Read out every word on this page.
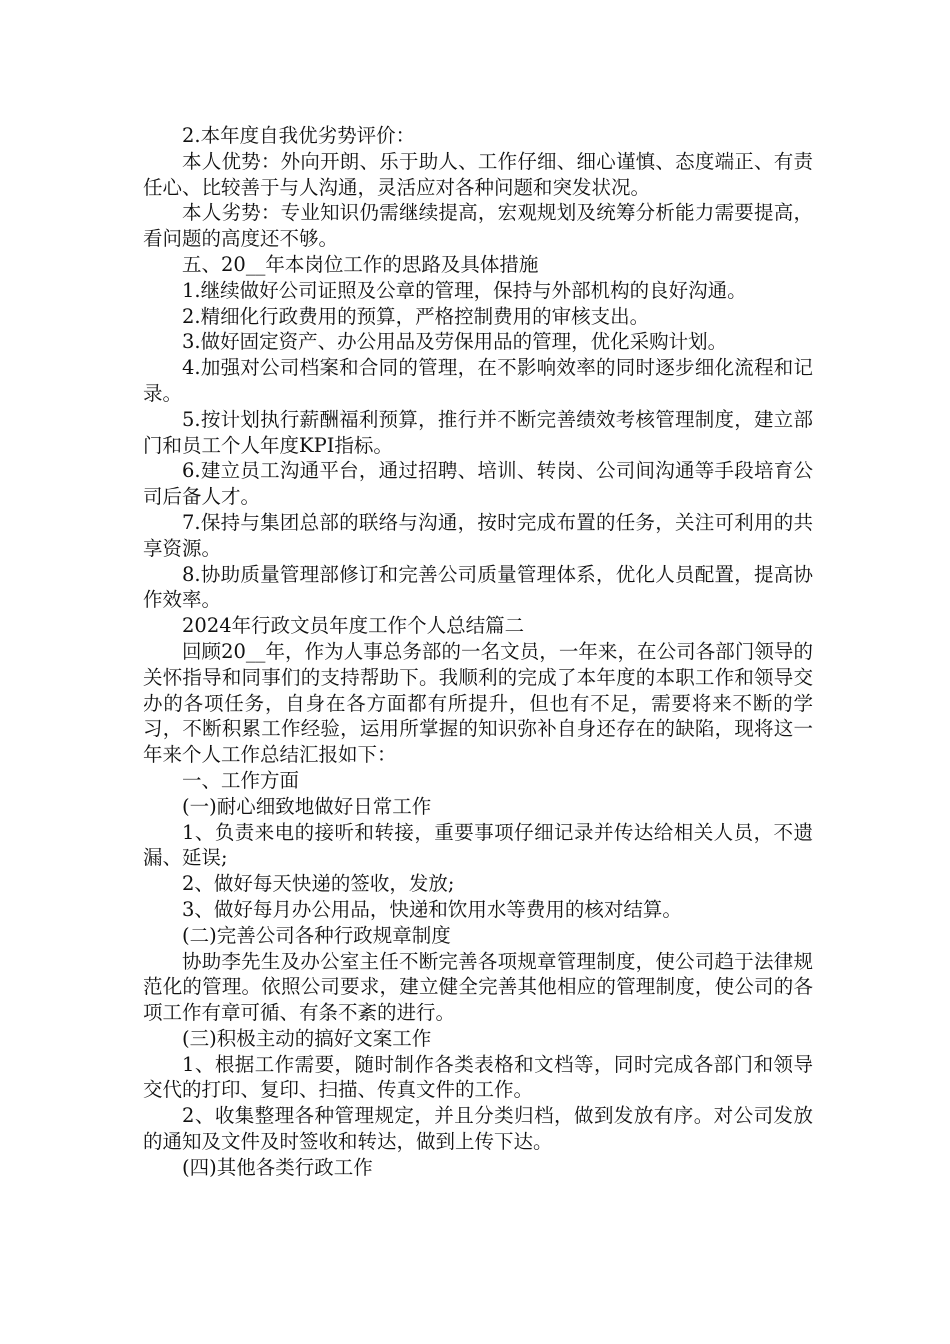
2.本年度自我优劣势评价：

本人优势：外向开朗、乐于助人、工作仔细、细心谨慎、态度端正、有责任心、比较善于与人沟通，灵活应对各种问题和突发状况。

本人劣势：专业知识仍需继续提高，宏观规划及统筹分析能力需要提高，看问题的高度还不够。

五、20__年本岗位工作的思路及具体措施

1.继续做好公司证照及公章的管理，保持与外部机构的良好沟通。

2.精细化行政费用的预算，严格控制费用的审核支出。

3.做好固定资产、办公用品及劳保用品的管理，优化采购计划。

4.加强对公司档案和合同的管理，在不影响效率的同时逐步细化流程和记录。

5.按计划执行薪酬福利预算，推行并不断完善绩效考核管理制度，建立部门和员工个人年度KPI指标。

6.建立员工沟通平台，通过招聘、培训、转岗、公司间沟通等手段培育公司后备人才。

7.保持与集团总部的联络与沟通，按时完成布置的任务，关注可利用的共享资源。

8.协助质量管理部修订和完善公司质量管理体系，优化人员配置，提高协作效率。

2024年行政文员年度工作个人总结篇二

回顾20__年，作为人事总务部的一名文员，一年来，在公司各部门领导的关怀指导和同事们的支持帮助下。我顺利的完成了本年度的本职工作和领导交办的各项任务，自身在各方面都有所提升，但也有不足，需要将来不断的学习，不断积累工作经验，运用所掌握的知识弥补自身还存在的缺陷，现将这一年来个人工作总结汇报如下：

一、工作方面

(一)耐心细致地做好日常工作

1、负责来电的接听和转接，重要事项仔细记录并传达给相关人员，不遗漏、延误;

2、做好每天快递的签收，发放;

3、做好每月办公用品，快递和饮用水等费用的核对结算。

(二)完善公司各种行政规章制度

协助李先生及办公室主任不断完善各项规章管理制度，使公司趋于法律规范化的管理。依照公司要求，建立健全完善其他相应的管理制度，使公司的各项工作有章可循、有条不紊的进行。

(三)积极主动的搞好文案工作

1、根据工作需要，随时制作各类表格和文档等，同时完成各部门和领导交代的打印、复印、扫描、传真文件的工作。

2、收集整理各种管理规定，并且分类归档，做到发放有序。对公司发放的通知及文件及时签收和转达，做到上传下达。

(四)其他各类行政工作
